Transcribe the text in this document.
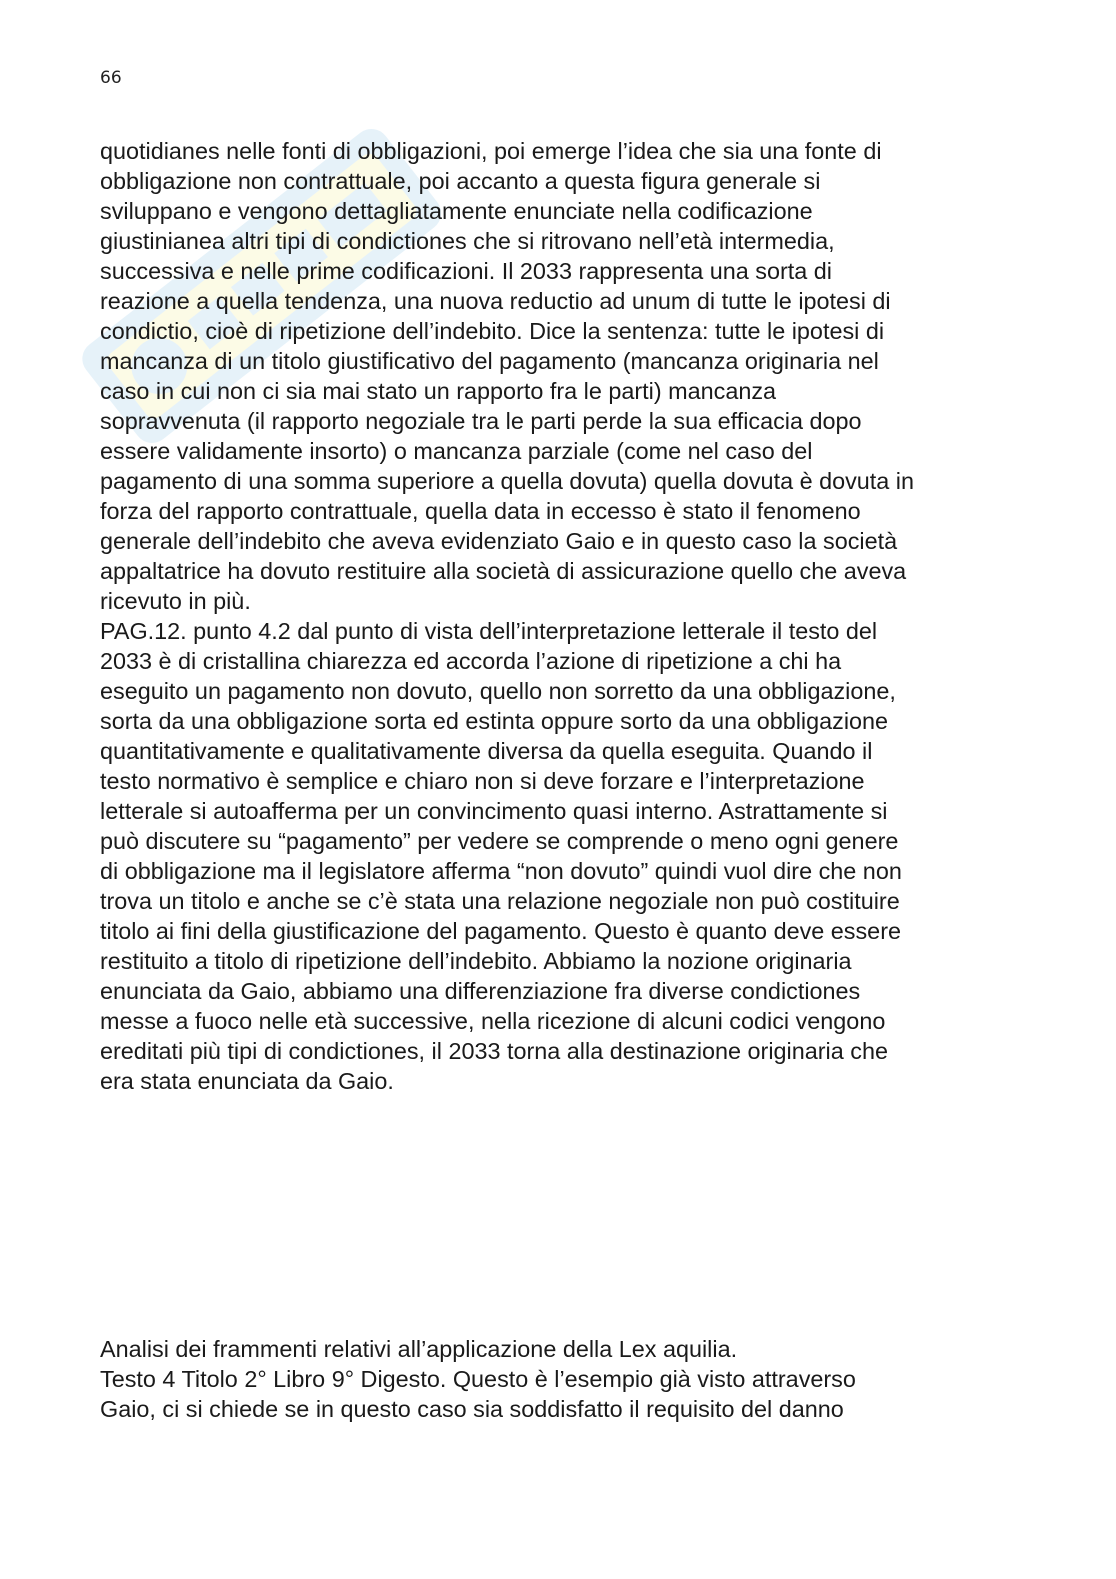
66
quotidianes nelle fonti di obbligazioni, poi emerge l’idea che sia una fonte di
obbligazione non contrattuale, poi accanto a questa figura generale si
sviluppano e vengono dettagliatamente enunciate nella codificazione
giustinianea altri tipi di condictiones che si ritrovano nell’età intermedia,
successiva e nelle prime codificazioni. Il 2033 rappresenta una sorta di
reazione a quella tendenza, una nuova reductio ad unum di tutte le ipotesi di
condictio, cioè di ripetizione dell’indebito. Dice la sentenza: tutte le ipotesi di
mancanza di un titolo giustificativo del pagamento (mancanza originaria nel
caso in cui non ci sia mai stato un rapporto fra le parti) mancanza
sopravvenuta (il rapporto negoziale tra le parti perde la sua efficacia dopo
essere validamente insorto) o mancanza parziale (come nel caso del
pagamento di una somma superiore a quella dovuta) quella dovuta è dovuta in
forza del rapporto contrattuale, quella data in eccesso è stato il fenomeno
generale dell’indebito che aveva evidenziato Gaio e in questo caso la società
appaltatrice ha dovuto restituire alla società di assicurazione quello che aveva
ricevuto in più.
PAG.12. punto 4.2 dal punto di vista dell’interpretazione letterale il testo del
2033 è di cristallina chiarezza ed accorda l’azione di ripetizione a chi ha
eseguito un pagamento non dovuto, quello non sorretto da una obbligazione,
sorta da una obbligazione sorta ed estinta oppure sorto da una obbligazione
quantitativamente e qualitativamente diversa da quella eseguita. Quando il
testo normativo è semplice e chiaro non si deve forzare e l’interpretazione
letterale si autoafferma per un convincimento quasi interno. Astrattamente si
può discutere su “pagamento” per vedere se comprende o meno ogni genere
di obbligazione ma il legislatore afferma “non dovuto” quindi vuol dire che non
trova un titolo e anche se c’è stata una relazione negoziale non può costituire
titolo ai fini della giustificazione del pagamento. Questo è quanto deve essere
restituito a titolo di ripetizione dell’indebito. Abbiamo la nozione originaria
enunciata da Gaio, abbiamo una differenziazione fra diverse condictiones
messe a fuoco nelle età successive, nella ricezione di alcuni codici vengono
ereditati più tipi di condictiones, il 2033 torna alla destinazione originaria che
era stata enunciata da Gaio.
Analisi dei frammenti relativi all’applicazione della Lex aquilia.
Testo 4 Titolo 2° Libro 9° Digesto. Questo è l’esempio già visto attraverso
Gaio, ci si chiede se in questo caso sia soddisfatto il requisito del danno
